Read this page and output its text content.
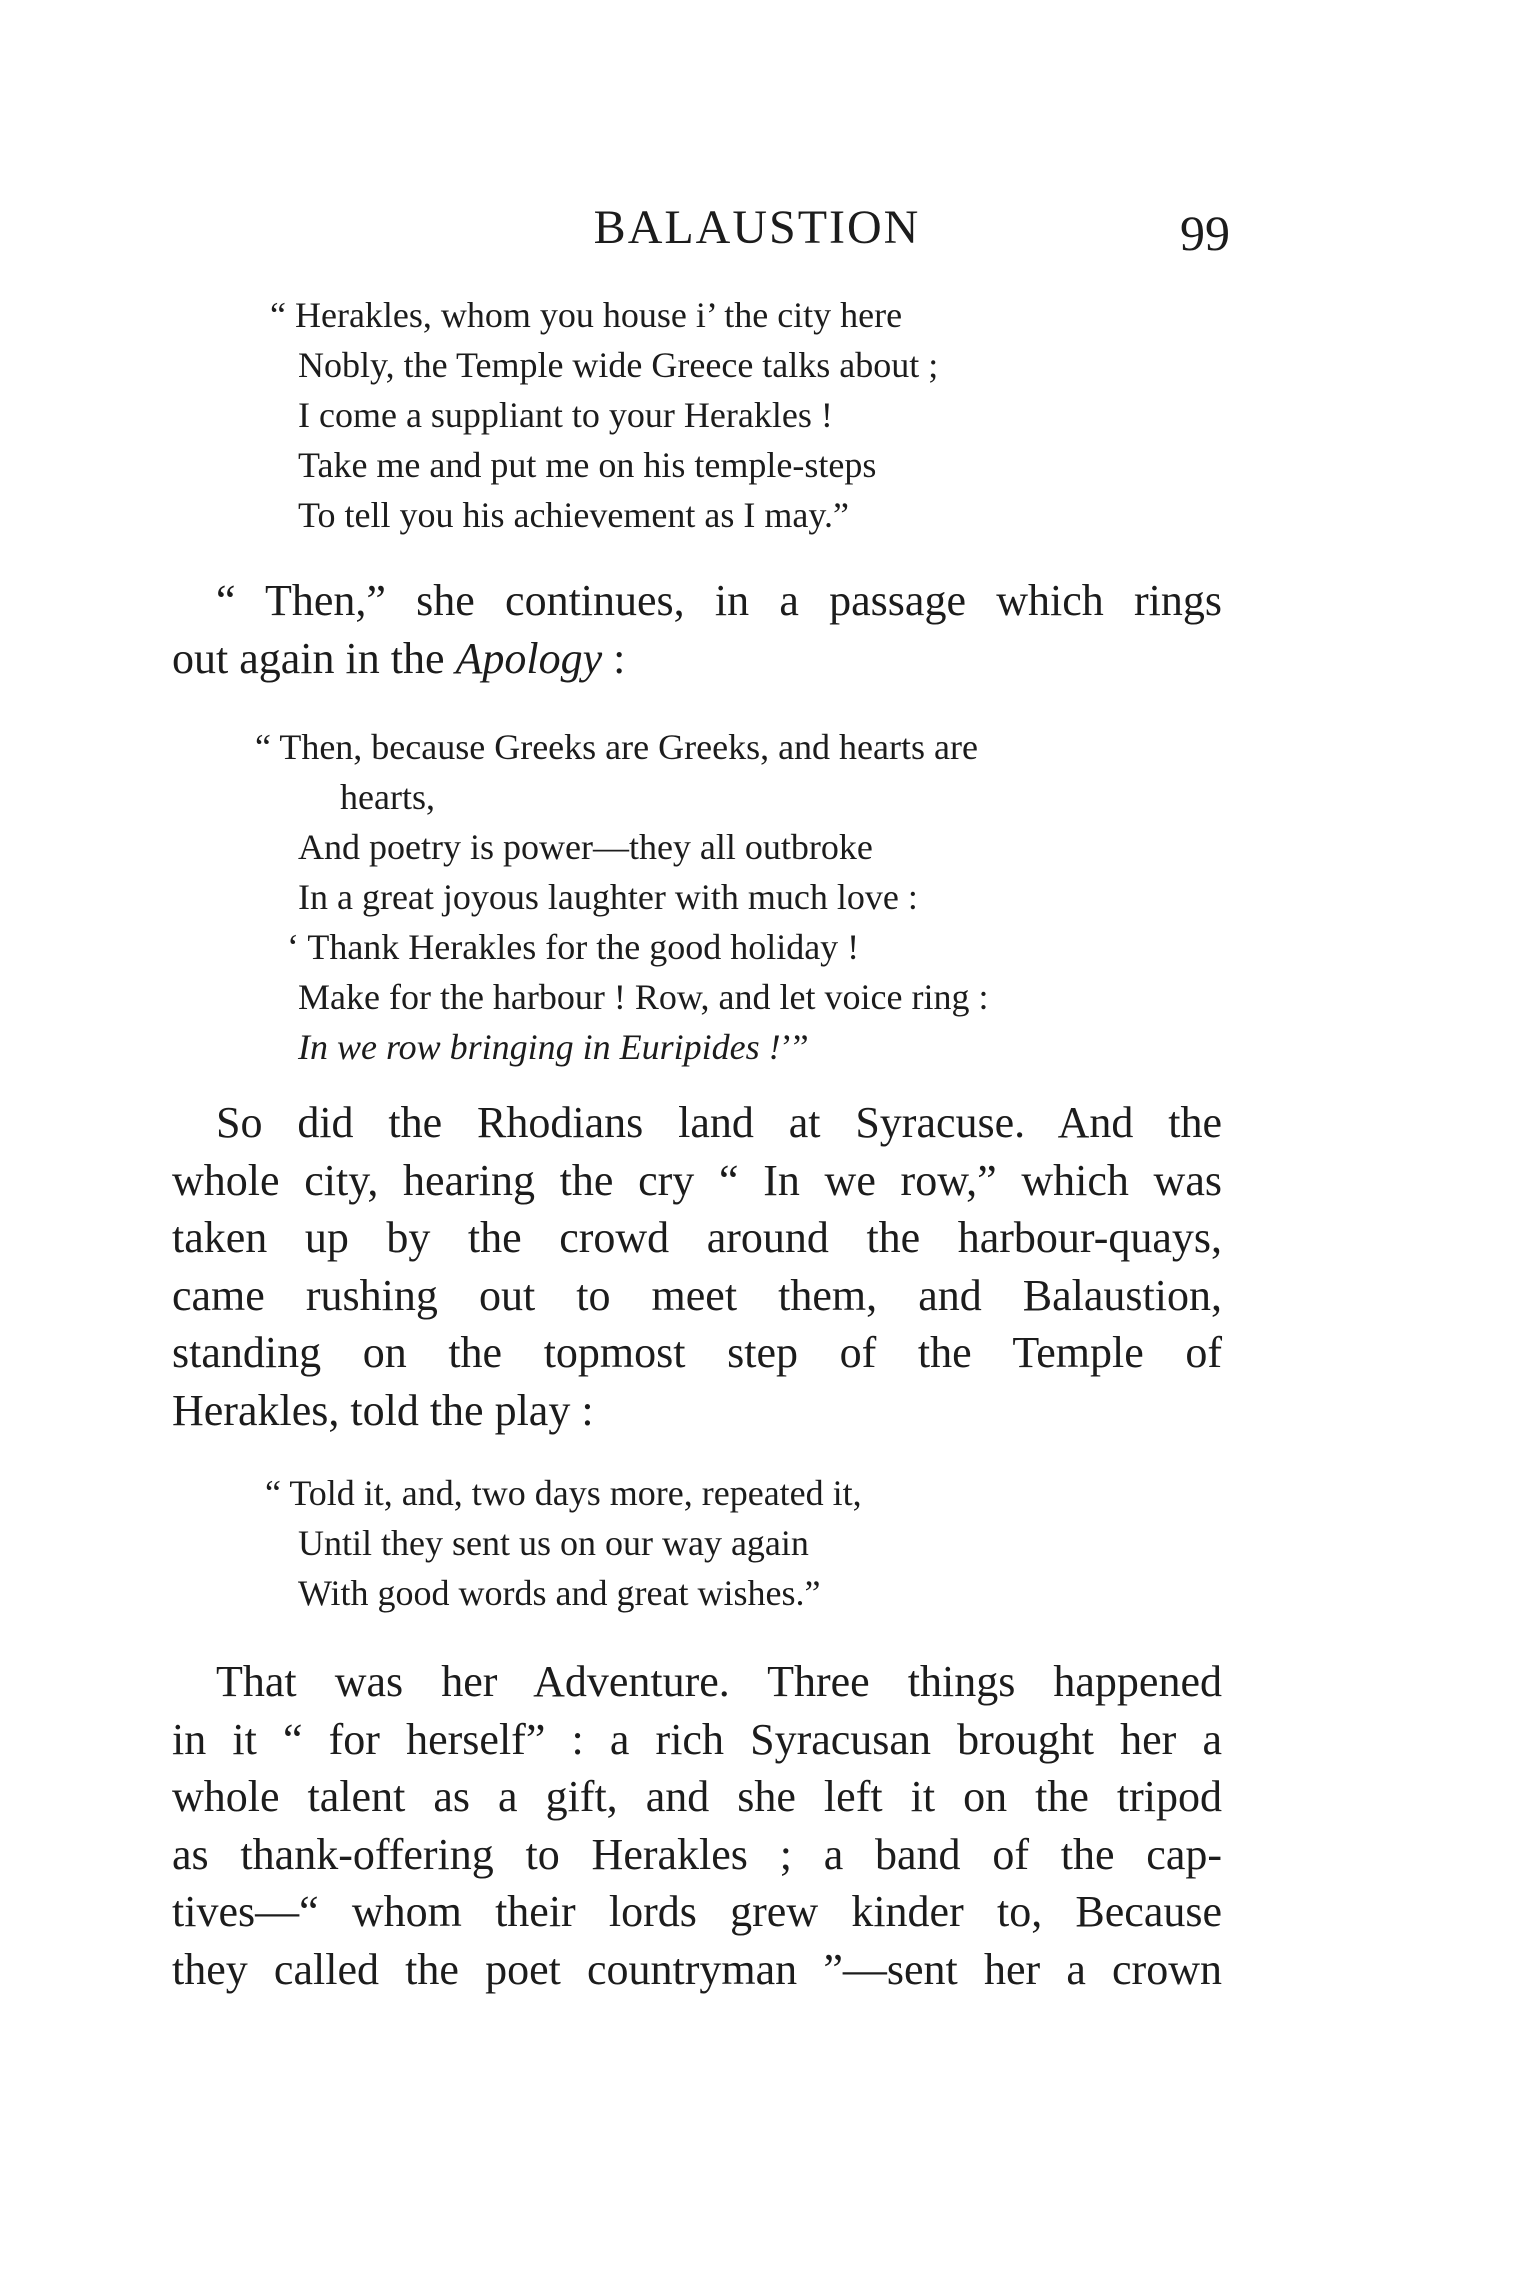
BALAUSTION	99
“ Herakles, whom you house i’ the city here
Nobly, the Temple wide Greece talks about ;
I come a suppliant to your Herakles !
Take me and put me on his temple-steps
To tell you his achievement as I may.”
“ Then,” she continues, in a passage which rings
out again in the Apology :
“ Then, because Greeks are Greeks, and hearts are
hearts,
And poetry is power—they all outbroke
In a great joyous laughter with much love :
‘ Thank Herakles for the good holiday !
Make for the harbour ! Row, and let voice ring :
In we row bringing in Euripides !’”
So did the Rhodians land at Syracuse. And the
whole city, hearing the cry “ In we row,” which was
taken up by the crowd around the harbour-quays,
came rushing out to meet them, and Balaustion,
standing on the topmost step of the Temple of
Herakles, told the play :
“ Told it, and, two days more, repeated it,
Until they sent us on our way again
With good words and great wishes.”
That was her Adventure. Three things happened
in it “ for herself” : a rich Syracusan brought her a
whole talent as a gift, and she left it on the tripod
as thank-offering to Herakles ; a band of the cap-
tives—“ whom their lords grew kinder to, Because
they called the poet countryman ”—sent her a crown
